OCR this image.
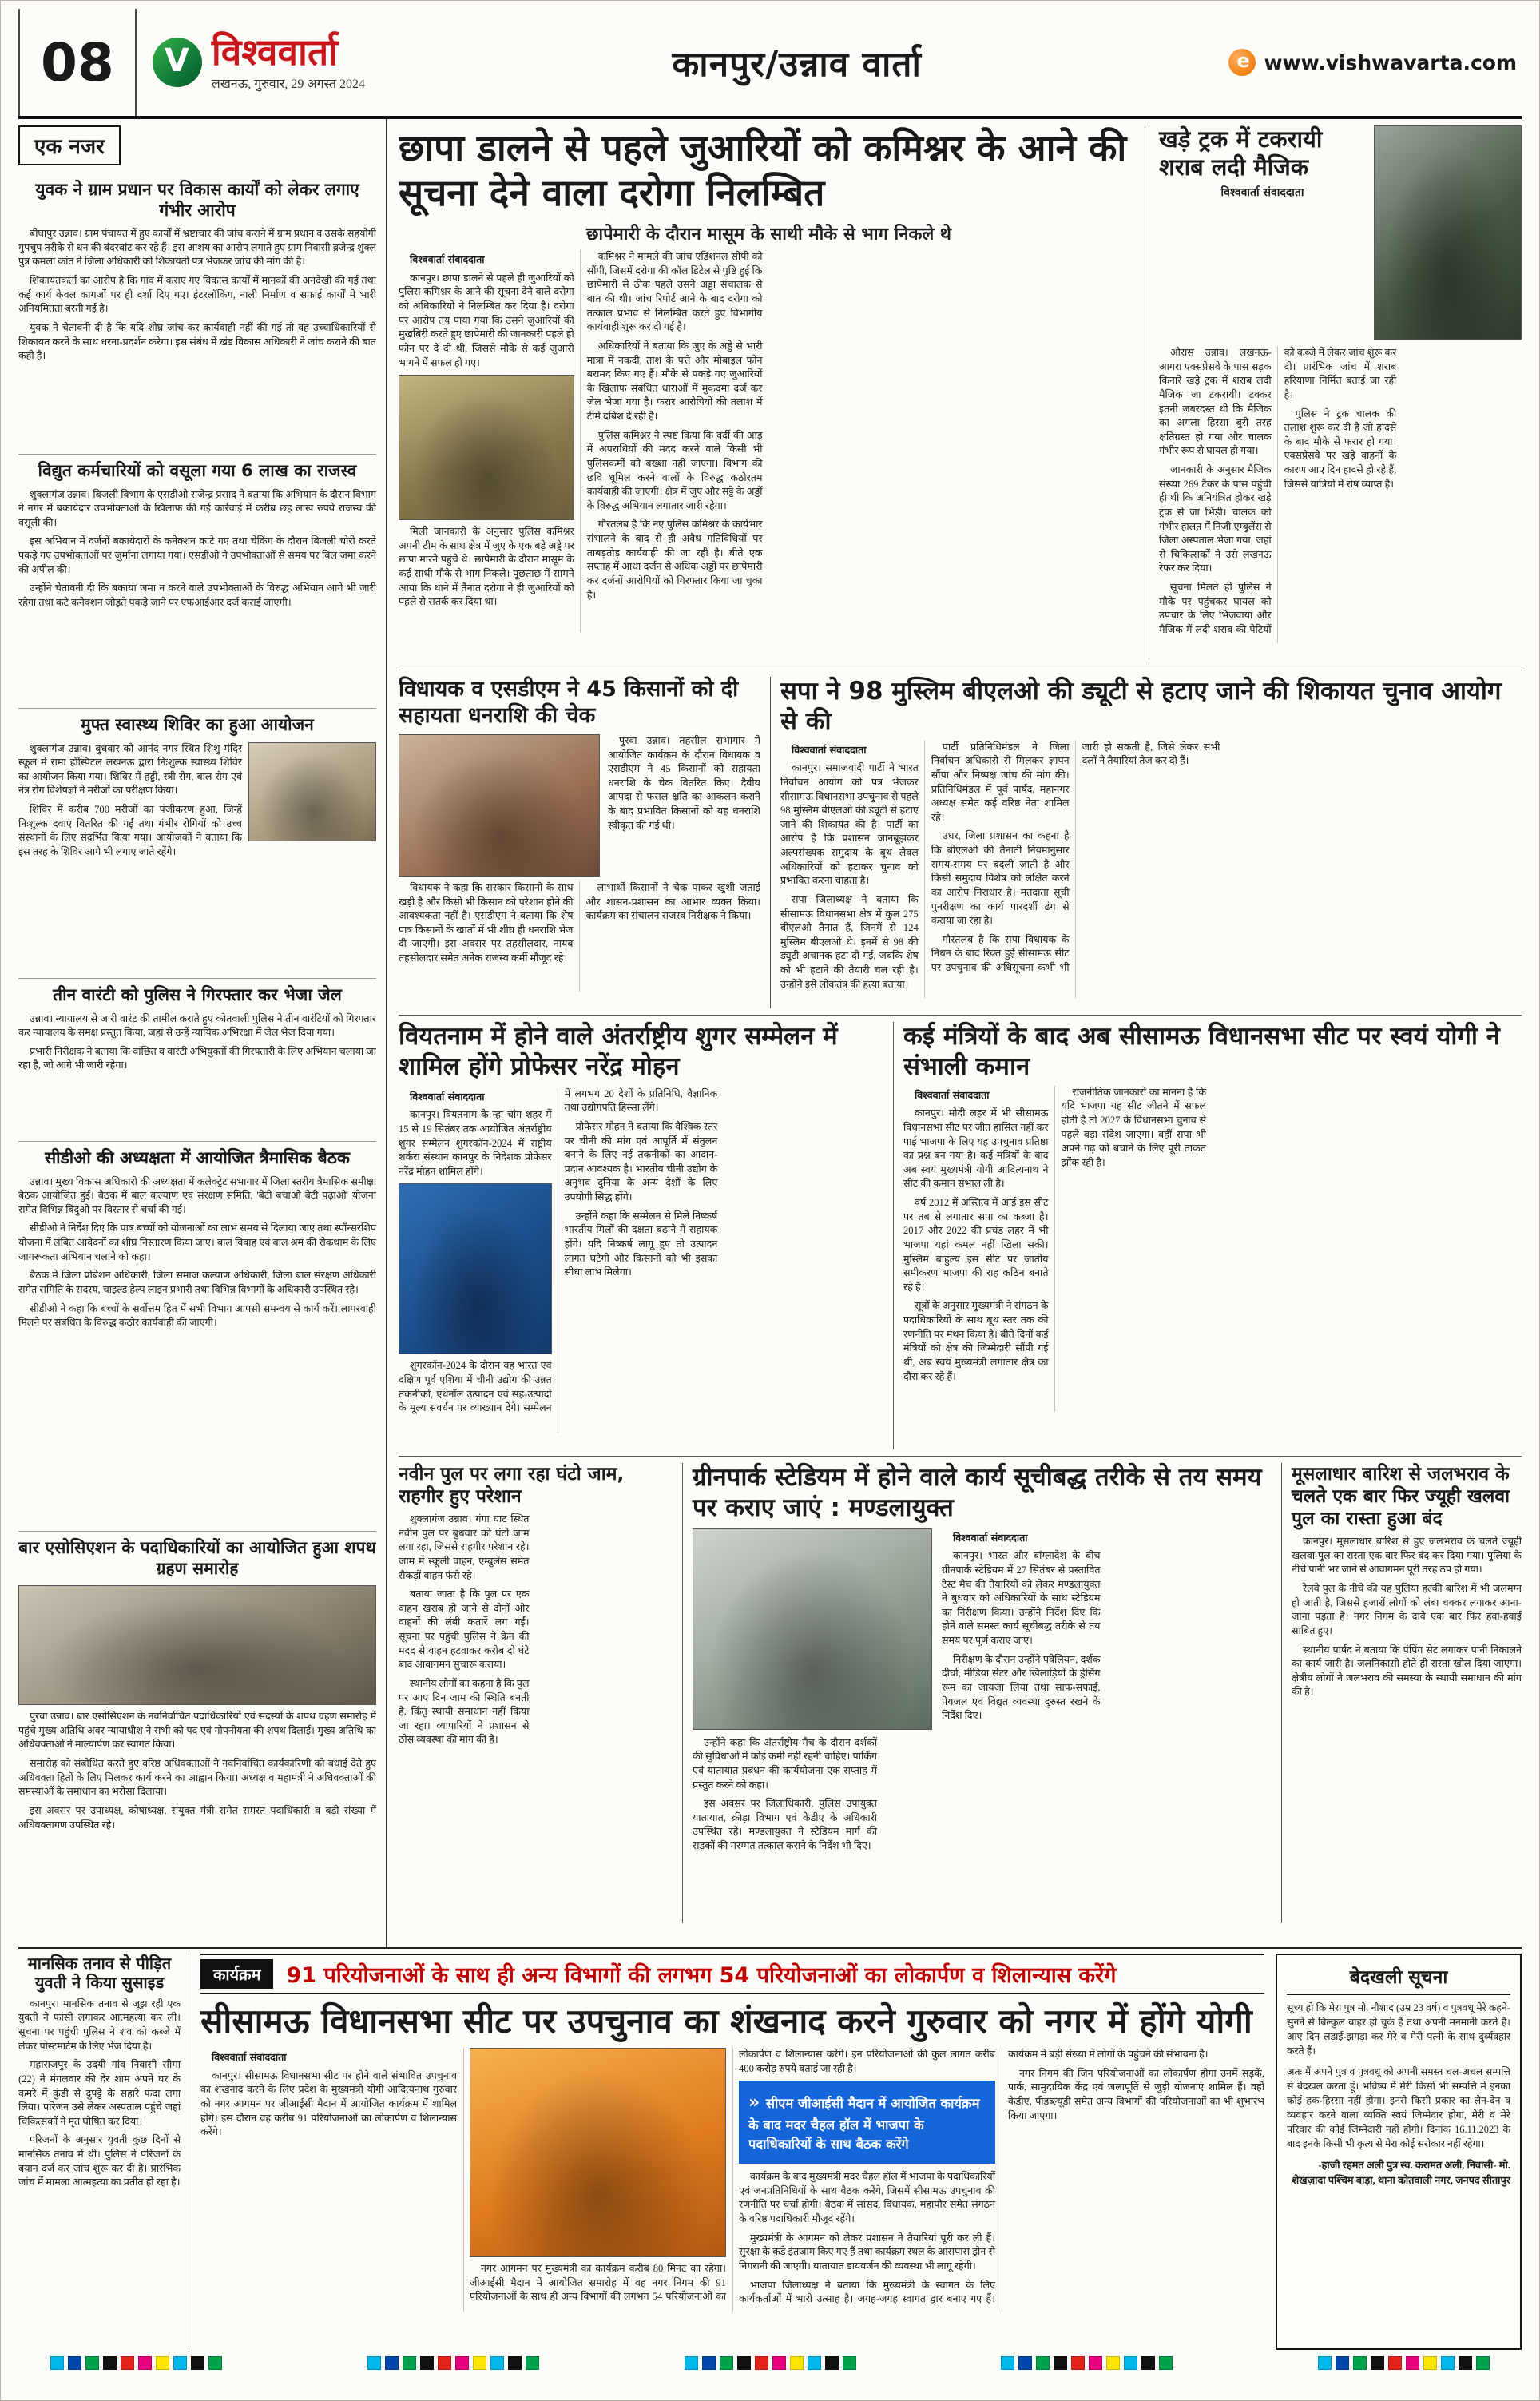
08 V	विश्ववार्ता
लखनऊ, गुरुवार, 29 अगस्त 2024	कानपुर/उन्नाव वार्ता e	www.vishwavarta.com
एक नजर
युवक ने ग्राम प्रधान पर विकास कार्यों को लेकर लगाए गंभीर आरोप

बीघापुर उन्नाव। ग्राम पंचायत में हुए कार्यों में भ्रष्टाचार की जांच कराने में ग्राम प्रधान व उसके सहयोगी गुपचुप तरीके से धन की बंदरबांट कर रहे हैं। इस आशय का आरोप लगाते हुए ग्राम निवासी ब्रजेन्द्र शुक्ल पुत्र कमला कांत ने जिला अधिकारी को शिकायती पत्र भेजकर जांच की मांग की है।

शिकायतकर्ता का आरोप है कि गांव में कराए गए विकास कार्यों में मानकों की अनदेखी की गई तथा कई कार्य केवल कागजों पर ही दर्शा दिए गए। इंटरलॉकिंग, नाली निर्माण व सफाई कार्यों में भारी अनियमितता बरती गई है।

युवक ने चेतावनी दी है कि यदि शीघ्र जांच कर कार्यवाही नहीं की गई तो वह उच्चाधिकारियों से शिकायत करने के साथ धरना-प्रदर्शन करेगा। इस संबंध में खंड विकास अधिकारी ने जांच कराने की बात कही है।

विद्युत कर्मचारियों को वसूला गया 6 लाख का राजस्व

शुक्लागंज उन्नाव। बिजली विभाग के एसडीओ राजेन्द्र प्रसाद ने बताया कि अभियान के दौरान विभाग ने नगर में बकायेदार उपभोक्ताओं के खिलाफ की गई कार्रवाई में करीब छह लाख रुपये राजस्व की वसूली की।

इस अभियान में दर्जनों बकायेदारों के कनेक्शन काटे गए तथा चेकिंग के दौरान बिजली चोरी करते पकड़े गए उपभोक्ताओं पर जुर्माना लगाया गया। एसडीओ ने उपभोक्ताओं से समय पर बिल जमा करने की अपील की।

उन्होंने चेतावनी दी कि बकाया जमा न करने वाले उपभोक्ताओं के विरुद्ध अभियान आगे भी जारी रहेगा तथा कटे कनेक्शन जोड़ते पकड़े जाने पर एफआईआर दर्ज कराई जाएगी।

मुफ्त स्वास्थ्य शिविर का हुआ आयोजन

शुक्लागंज उन्नाव। बुधवार को आनंद नगर स्थित शिशु मंदिर स्कूल में रामा हॉस्पिटल लखनऊ द्वारा निःशुल्क स्वास्थ्य शिविर का आयोजन किया गया। शिविर में हड्डी, स्त्री रोग, बाल रोग एवं नेत्र रोग विशेषज्ञों ने मरीजों का परीक्षण किया।

शिविर में करीब 700 मरीजों का पंजीकरण हुआ, जिन्हें निःशुल्क दवाएं वितरित की गईं तथा गंभीर रोगियों को उच्च संस्थानों के लिए संदर्भित किया गया। आयोजकों ने बताया कि इस तरह के शिविर आगे भी लगाए जाते रहेंगे।

तीन वारंटी को पुलिस ने गिरफ्तार कर भेजा जेल

उन्नाव। न्यायालय से जारी वारंट की तामील कराते हुए कोतवाली पुलिस ने तीन वारंटियों को गिरफ्तार कर न्यायालय के समक्ष प्रस्तुत किया, जहां से उन्हें न्यायिक अभिरक्षा में जेल भेज दिया गया।

प्रभारी निरीक्षक ने बताया कि वांछित व वारंटी अभियुक्तों की गिरफ्तारी के लिए अभियान चलाया जा रहा है, जो आगे भी जारी रहेगा।

सीडीओ की अध्यक्षता में आयोजित त्रैमासिक बैठक

उन्नाव। मुख्य विकास अधिकारी की अध्यक्षता में कलेक्ट्रेट सभागार में जिला स्तरीय त्रैमासिक समीक्षा बैठक आयोजित हुई। बैठक में बाल कल्याण एवं संरक्षण समिति, 'बेटी बचाओ बेटी पढ़ाओ' योजना समेत विभिन्न बिंदुओं पर विस्तार से चर्चा की गई।

सीडीओ ने निर्देश दिए कि पात्र बच्चों को योजनाओं का लाभ समय से दिलाया जाए तथा स्पॉन्सरशिप योजना में लंबित आवेदनों का शीघ्र निस्तारण किया जाए। बाल विवाह एवं बाल श्रम की रोकथाम के लिए जागरूकता अभियान चलाने को कहा।

बैठक में जिला प्रोबेशन अधिकारी, जिला समाज कल्याण अधिकारी, जिला बाल संरक्षण अधिकारी समेत समिति के सदस्य, चाइल्ड हेल्प लाइन प्रभारी तथा विभिन्न विभागों के अधिकारी उपस्थित रहे।

सीडीओ ने कहा कि बच्चों के सर्वोत्तम हित में सभी विभाग आपसी समन्वय से कार्य करें। लापरवाही मिलने पर संबंधित के विरुद्ध कठोर कार्यवाही की जाएगी।

बार एसोसिएशन के पदाधिकारियों का आयोजित हुआ शपथ ग्रहण समारोह

पुरवा उन्नाव। बार एसोसिएशन के नवनिर्वाचित पदाधिकारियों एवं सदस्यों के शपथ ग्रहण समारोह में पहुंचे मुख्य अतिथि अवर न्यायाधीश ने सभी को पद एवं गोपनीयता की शपथ दिलाई। मुख्य अतिथि का अधिवक्ताओं ने माल्यार्पण कर स्वागत किया।

समारोह को संबोधित करते हुए वरिष्ठ अधिवक्ताओं ने नवनिर्वाचित कार्यकारिणी को बधाई देते हुए अधिवक्ता हितों के लिए मिलकर कार्य करने का आह्वान किया। अध्यक्ष व महामंत्री ने अधिवक्ताओं की समस्याओं के समाधान का भरोसा दिलाया।

इस अवसर पर उपाध्यक्ष, कोषाध्यक्ष, संयुक्त मंत्री समेत समस्त पदाधिकारी व बड़ी संख्या में अधिवक्तागण उपस्थित रहे।

छापा डालने से पहले जुआरियों को कमिश्नर के आने की सूचना देने वाला दरोगा निलम्बित
छापेमारी के दौरान मासूम के साथी मौके से भाग निकले थे

विश्ववार्ता संवाददाता

कानपुर। छापा डालने से पहले ही जुआरियों को पुलिस कमिश्नर के आने की सूचना देने वाले दरोगा को अधिकारियों ने निलम्बित कर दिया है। दरोगा पर आरोप तय पाया गया कि उसने जुआरियों की मुखबिरी करते हुए छापेमारी की जानकारी पहले ही फोन पर दे दी थी, जिससे मौके से कई जुआरी भागने में सफल हो गए।

मिली जानकारी के अनुसार पुलिस कमिश्नर अपनी टीम के साथ क्षेत्र में जुए के एक बड़े अड्डे पर छापा मारने पहुंचे थे। छापेमारी के दौरान मासूम के कई साथी मौके से भाग निकले। पूछताछ में सामने आया कि थाने में तैनात दरोगा ने ही जुआरियों को पहले से सतर्क कर दिया था।

कमिश्नर ने मामले की जांच एडिशनल सीपी को सौंपी, जिसमें दरोगा की कॉल डिटेल से पुष्टि हुई कि छापेमारी से ठीक पहले उसने अड्डा संचालक से बात की थी। जांच रिपोर्ट आने के बाद दरोगा को तत्काल प्रभाव से निलम्बित करते हुए विभागीय कार्यवाही शुरू कर दी गई है।

अधिकारियों ने बताया कि जुए के अड्डे से भारी मात्रा में नकदी, ताश के पत्ते और मोबाइल फोन बरामद किए गए हैं। मौके से पकड़े गए जुआरियों के खिलाफ संबंधित धाराओं में मुकदमा दर्ज कर जेल भेजा गया है। फरार आरोपियों की तलाश में टीमें दबिश दे रही हैं।

पुलिस कमिश्नर ने स्पष्ट किया कि वर्दी की आड़ में अपराधियों की मदद करने वाले किसी भी पुलिसकर्मी को बख्शा नहीं जाएगा। विभाग की छवि धूमिल करने वालों के विरुद्ध कठोरतम कार्यवाही की जाएगी। क्षेत्र में जुए और सट्टे के अड्डों के विरुद्ध अभियान लगातार जारी रहेगा।

गौरतलब है कि नए पुलिस कमिश्नर के कार्यभार संभालने के बाद से ही अवैध गतिविधियों पर ताबड़तोड़ कार्यवाही की जा रही है। बीते एक सप्ताह में आधा दर्जन से अधिक अड्डों पर छापेमारी कर दर्जनों आरोपियों को गिरफ्तार किया जा चुका है।

खड़े ट्रक में टकरायी शराब लदी मैजिक

विश्ववार्ता संवाददाता

औरास उन्नाव। लखनऊ-आगरा एक्सप्रेसवे के पास सड़क किनारे खड़े ट्रक में शराब लदी मैजिक जा टकरायी। टक्कर इतनी जबरदस्त थी कि मैजिक का अगला हिस्सा बुरी तरह क्षतिग्रस्त हो गया और चालक गंभीर रूप से घायल हो गया।

जानकारी के अनुसार मैजिक संख्या 269 टैंकर के पास पहुंची ही थी कि अनियंत्रित होकर खड़े ट्रक से जा भिड़ी। चालक को गंभीर हालत में निजी एम्बुलेंस से जिला अस्पताल भेजा गया, जहां से चिकित्सकों ने उसे लखनऊ रेफर कर दिया।

सूचना मिलते ही पुलिस ने मौके पर पहुंचकर घायल को उपचार के लिए भिजवाया और मैजिक में लदी शराब की पेटियों को कब्जे में लेकर जांच शुरू कर दी। प्रारंभिक जांच में शराब हरियाणा निर्मित बताई जा रही है।

पुलिस ने ट्रक चालक की तलाश शुरू कर दी है जो हादसे के बाद मौके से फरार हो गया। एक्सप्रेसवे पर खड़े वाहनों के कारण आए दिन हादसे हो रहे हैं, जिससे यात्रियों में रोष व्याप्त है।

विधायक व एसडीएम ने 45 किसानों को दी सहायता धनराशि की चेक

पुरवा उन्नाव। तहसील सभागार में आयोजित कार्यक्रम के दौरान विधायक व एसडीएम ने 45 किसानों को सहायता धनराशि के चेक वितरित किए। दैवीय आपदा से फसल क्षति का आकलन कराने के बाद प्रभावित किसानों को यह धनराशि स्वीकृत की गई थी।

विधायक ने कहा कि सरकार किसानों के साथ खड़ी है और किसी भी किसान को परेशान होने की आवश्यकता नहीं है। एसडीएम ने बताया कि शेष पात्र किसानों के खातों में भी शीघ्र ही धनराशि भेज दी जाएगी। इस अवसर पर तहसीलदार, नायब तहसीलदार समेत अनेक राजस्व कर्मी मौजूद रहे।

लाभार्थी किसानों ने चेक पाकर खुशी जताई और शासन-प्रशासन का आभार व्यक्त किया। कार्यक्रम का संचालन राजस्व निरीक्षक ने किया।

सपा ने 98 मुस्लिम बीएलओ की ड्यूटी से हटाए जाने की शिकायत चुनाव आयोग से की

विश्ववार्ता संवाददाता

कानपुर। समाजवादी पार्टी ने भारत निर्वाचन आयोग को पत्र भेजकर सीसामऊ विधानसभा उपचुनाव से पहले 98 मुस्लिम बीएलओ की ड्यूटी से हटाए जाने की शिकायत की है। पार्टी का आरोप है कि प्रशासन जानबूझकर अल्पसंख्यक समुदाय के बूथ लेवल अधिकारियों को हटाकर चुनाव को प्रभावित करना चाहता है।

सपा जिलाध्यक्ष ने बताया कि सीसामऊ विधानसभा क्षेत्र में कुल 275 बीएलओ तैनात हैं, जिनमें से 124 मुस्लिम बीएलओ थे। इनमें से 98 की ड्यूटी अचानक हटा दी गई, जबकि शेष को भी हटाने की तैयारी चल रही है। उन्होंने इसे लोकतंत्र की हत्या बताया।

पार्टी प्रतिनिधिमंडल ने जिला निर्वाचन अधिकारी से मिलकर ज्ञापन सौंपा और निष्पक्ष जांच की मांग की। प्रतिनिधिमंडल में पूर्व पार्षद, महानगर अध्यक्ष समेत कई वरिष्ठ नेता शामिल रहे।

उधर, जिला प्रशासन का कहना है कि बीएलओ की तैनाती नियमानुसार समय-समय पर बदली जाती है और किसी समुदाय विशेष को लक्षित करने का आरोप निराधार है। मतदाता सूची पुनरीक्षण का कार्य पारदर्शी ढंग से कराया जा रहा है।

गौरतलब है कि सपा विधायक के निधन के बाद रिक्त हुई सीसामऊ सीट पर उपचुनाव की अधिसूचना कभी भी जारी हो सकती है, जिसे लेकर सभी दलों ने तैयारियां तेज कर दी हैं।

वियतनाम में होने वाले अंतर्राष्ट्रीय शुगर सम्मेलन में शामिल होंगे प्रोफेसर नरेंद्र मोहन

विश्ववार्ता संवाददाता

कानपुर। वियतनाम के न्हा चांग शहर में 15 से 19 सितंबर तक आयोजित अंतर्राष्ट्रीय शुगर सम्मेलन शुगरकॉन-2024 में राष्ट्रीय शर्करा संस्थान कानपुर के निदेशक प्रोफेसर नरेंद्र मोहन शामिल होंगे।

शुगरकॉन-2024 के दौरान वह भारत एवं दक्षिण पूर्व एशिया में चीनी उद्योग की उन्नत तकनीकों, एथेनॉल उत्पादन एवं सह-उत्पादों के मूल्य संवर्धन पर व्याख्यान देंगे। सम्मेलन में लगभग 20 देशों के प्रतिनिधि, वैज्ञानिक तथा उद्योगपति हिस्सा लेंगे।

प्रोफेसर मोहन ने बताया कि वैश्विक स्तर पर चीनी की मांग एवं आपूर्ति में संतुलन बनाने के लिए नई तकनीकों का आदान-प्रदान आवश्यक है। भारतीय चीनी उद्योग के अनुभव दुनिया के अन्य देशों के लिए उपयोगी सिद्ध होंगे।

उन्होंने कहा कि सम्मेलन से मिले निष्कर्ष भारतीय मिलों की दक्षता बढ़ाने में सहायक होंगे। यदि निष्कर्ष लागू हुए तो उत्पादन लागत घटेगी और किसानों को भी इसका सीधा लाभ मिलेगा।

कई मंत्रियों के बाद अब सीसामऊ विधानसभा सीट पर स्वयं योगी ने संभाली कमान

विश्ववार्ता संवाददाता

कानपुर। मोदी लहर में भी सीसामऊ विधानसभा सीट पर जीत हासिल नहीं कर पाई भाजपा के लिए यह उपचुनाव प्रतिष्ठा का प्रश्न बन गया है। कई मंत्रियों के बाद अब स्वयं मुख्यमंत्री योगी आदित्यनाथ ने सीट की कमान संभाल ली है।

वर्ष 2012 में अस्तित्व में आई इस सीट पर तब से लगातार सपा का कब्जा है। 2017 और 2022 की प्रचंड लहर में भी भाजपा यहां कमल नहीं खिला सकी। मुस्लिम बाहुल्य इस सीट पर जातीय समीकरण भाजपा की राह कठिन बनाते रहे हैं।

सूत्रों के अनुसार मुख्यमंत्री ने संगठन के पदाधिकारियों के साथ बूथ स्तर तक की रणनीति पर मंथन किया है। बीते दिनों कई मंत्रियों को क्षेत्र की जिम्मेदारी सौंपी गई थी, अब स्वयं मुख्यमंत्री लगातार क्षेत्र का दौरा कर रहे हैं।

राजनीतिक जानकारों का मानना है कि यदि भाजपा यह सीट जीतने में सफल होती है तो 2027 के विधानसभा चुनाव से पहले बड़ा संदेश जाएगा। वहीं सपा भी अपने गढ़ को बचाने के लिए पूरी ताकत झोंक रही है।

नवीन पुल पर लगा रहा घंटो जाम, राहगीर हुए परेशान

शुक्लागंज उन्नाव। गंगा घाट स्थित नवीन पुल पर बुधवार को घंटों जाम लगा रहा, जिससे राहगीर परेशान रहे। जाम में स्कूली वाहन, एम्बुलेंस समेत सैकड़ों वाहन फंसे रहे।

बताया जाता है कि पुल पर एक वाहन खराब हो जाने से दोनों ओर वाहनों की लंबी कतारें लग गईं। सूचना पर पहुंची पुलिस ने क्रेन की मदद से वाहन हटवाकर करीब दो घंटे बाद आवागमन सुचारू कराया।

स्थानीय लोगों का कहना है कि पुल पर आए दिन जाम की स्थिति बनती है, किंतु स्थायी समाधान नहीं किया जा रहा। व्यापारियों ने प्रशासन से ठोस व्यवस्था की मांग की है।

ग्रीनपार्क स्टेडियम में होने वाले कार्य सूचीबद्ध तरीके से तय समय पर कराए जाएं : मण्डलायुक्त

विश्ववार्ता संवाददाता

कानपुर। भारत और बांग्लादेश के बीच ग्रीनपार्क स्टेडियम में 27 सितंबर से प्रस्तावित टेस्ट मैच की तैयारियों को लेकर मण्डलायुक्त ने बुधवार को अधिकारियों के साथ स्टेडियम का निरीक्षण किया। उन्होंने निर्देश दिए कि होने वाले समस्त कार्य सूचीबद्ध तरीके से तय समय पर पूर्ण कराए जाएं।

निरीक्षण के दौरान उन्होंने पवेलियन, दर्शक दीर्घा, मीडिया सेंटर और खिलाड़ियों के ड्रेसिंग रूम का जायजा लिया तथा साफ-सफाई, पेयजल एवं विद्युत व्यवस्था दुरुस्त रखने के निर्देश दिए।

उन्होंने कहा कि अंतर्राष्ट्रीय मैच के दौरान दर्शकों की सुविधाओं में कोई कमी नहीं रहनी चाहिए। पार्किंग एवं यातायात प्रबंधन की कार्ययोजना एक सप्ताह में प्रस्तुत करने को कहा।

इस अवसर पर जिलाधिकारी, पुलिस उपायुक्त यातायात, क्रीड़ा विभाग एवं केडीए के अधिकारी उपस्थित रहे। मण्डलायुक्त ने स्टेडियम मार्ग की सड़कों की मरम्मत तत्काल कराने के निर्देश भी दिए।

मूसलाधार बारिश से जलभराव के चलते एक बार फिर ज्यूही खलवा पुल का रास्ता हुआ बंद

कानपुर। मूसलाधार बारिश से हुए जलभराव के चलते ज्यूही खलवा पुल का रास्ता एक बार फिर बंद कर दिया गया। पुलिया के नीचे पानी भर जाने से आवागमन पूरी तरह ठप हो गया।

रेलवे पुल के नीचे की यह पुलिया हल्की बारिश में भी जलमग्न हो जाती है, जिससे हजारों लोगों को लंबा चक्कर लगाकर आना-जाना पड़ता है। नगर निगम के दावे एक बार फिर हवा-हवाई साबित हुए।

स्थानीय पार्षद ने बताया कि पंपिंग सेट लगाकर पानी निकालने का कार्य जारी है। जलनिकासी होते ही रास्ता खोल दिया जाएगा। क्षेत्रीय लोगों ने जलभराव की समस्या के स्थायी समाधान की मांग की है।

मानसिक तनाव से पीड़ित युवती ने किया सुसाइड

कानपुर। मानसिक तनाव से जूझ रही एक युवती ने फांसी लगाकर आत्महत्या कर ली। सूचना पर पहुंची पुलिस ने शव को कब्जे में लेकर पोस्टमार्टम के लिए भेज दिया है।

महाराजपुर के उदयी गांव निवासी सीमा (22) ने मंगलवार की देर शाम अपने घर के कमरे में कुंडी से दुपट्टे के सहारे फंदा लगा लिया। परिजन उसे लेकर अस्पताल पहुंचे जहां चिकित्सकों ने मृत घोषित कर दिया।

परिजनों के अनुसार युवती कुछ दिनों से मानसिक तनाव में थी। पुलिस ने परिजनों के बयान दर्ज कर जांच शुरू कर दी है। प्रारंभिक जांच में मामला आत्महत्या का प्रतीत हो रहा है।

कार्यक्रम	91 परियोजनाओं के साथ ही अन्य विभागों की लगभग 54 परियोजनाओं का लोकार्पण व शिलान्यास करेंगे
सीसामऊ विधानसभा सीट पर उपचुनाव का शंखनाद करने गुरुवार को नगर में होंगे योगी

विश्ववार्ता संवाददाता

कानपुर। सीसामऊ विधानसभा सीट पर होने वाले संभावित उपचुनाव का शंखनाद करने के लिए प्रदेश के मुख्यमंत्री योगी आदित्यनाथ गुरुवार को नगर आगमन पर जीआईसी मैदान में आयोजित कार्यक्रम में शामिल होंगे। इस दौरान वह करीब 91 परियोजनाओं का लोकार्पण व शिलान्यास करेंगे।

नगर आगमन पर मुख्यमंत्री का कार्यक्रम करीब 80 मिनट का रहेगा। जीआईसी मैदान में आयोजित समारोह में वह नगर निगम की 91 परियोजनाओं के साथ ही अन्य विभागों की लगभग 54 परियोजनाओं का लोकार्पण व शिलान्यास करेंगे। इन परियोजनाओं की कुल लागत करीब 400 करोड़ रुपये बताई जा रही है।

» सीएम जीआईसी मैदान में आयोजित कार्यक्रम के बाद मदर चैहल हॉल में भाजपा के पदाधिकारियों के साथ बैठक करेंगे

कार्यक्रम के बाद मुख्यमंत्री मदर चैहल हॉल में भाजपा के पदाधिकारियों एवं जनप्रतिनिधियों के साथ बैठक करेंगे, जिसमें सीसामऊ उपचुनाव की रणनीति पर चर्चा होगी। बैठक में सांसद, विधायक, महापौर समेत संगठन के वरिष्ठ पदाधिकारी मौजूद रहेंगे।

मुख्यमंत्री के आगमन को लेकर प्रशासन ने तैयारियां पूरी कर ली हैं। सुरक्षा के कड़े इंतजाम किए गए हैं तथा कार्यक्रम स्थल के आसपास ड्रोन से निगरानी की जाएगी। यातायात डायवर्जन की व्यवस्था भी लागू रहेगी।

भाजपा जिलाध्यक्ष ने बताया कि मुख्यमंत्री के स्वागत के लिए कार्यकर्ताओं में भारी उत्साह है। जगह-जगह स्वागत द्वार बनाए गए हैं। कार्यक्रम में बड़ी संख्या में लोगों के पहुंचने की संभावना है।

नगर निगम की जिन परियोजनाओं का लोकार्पण होगा उनमें सड़कें, पार्क, सामुदायिक केंद्र एवं जलापूर्ति से जुड़ी योजनाएं शामिल हैं। वहीं केडीए, पीडब्ल्यूडी समेत अन्य विभागों की परियोजनाओं का भी शुभारंभ किया जाएगा।

बेदखली सूचना

सूच्य हो कि मेरा पुत्र मो. नौशाद (उम्र 23 वर्ष) व पुत्रवधू मेरे कहने-सुनने से बिल्कुल बाहर हो चुके हैं तथा अपनी मनमानी करते हैं। आए दिन लड़ाई-झगड़ा कर मेरे व मेरी पत्नी के साथ दुर्व्यवहार करते हैं।

अतः मैं अपने पुत्र व पुत्रवधू को अपनी समस्त चल-अचल सम्पत्ति से बेदखल करता हूं। भविष्य में मेरी किसी भी सम्पत्ति में इनका कोई हक-हिस्सा नहीं होगा। इनसे किसी प्रकार का लेन-देन व व्यवहार करने वाला व्यक्ति स्वयं जिम्मेदार होगा, मेरी व मेरे परिवार की कोई जिम्मेदारी नहीं होगी। दिनांक 16.11.2023 के बाद इनके किसी भी कृत्य से मेरा कोई सरोकार नहीं रहेगा।

-हाजी रहमत अली पुत्र स्व. करामत अली, निवासी- मो. शेखज़ादा पश्चिम बाड़ा, थाना कोतवाली नगर, जनपद सीतापुर
